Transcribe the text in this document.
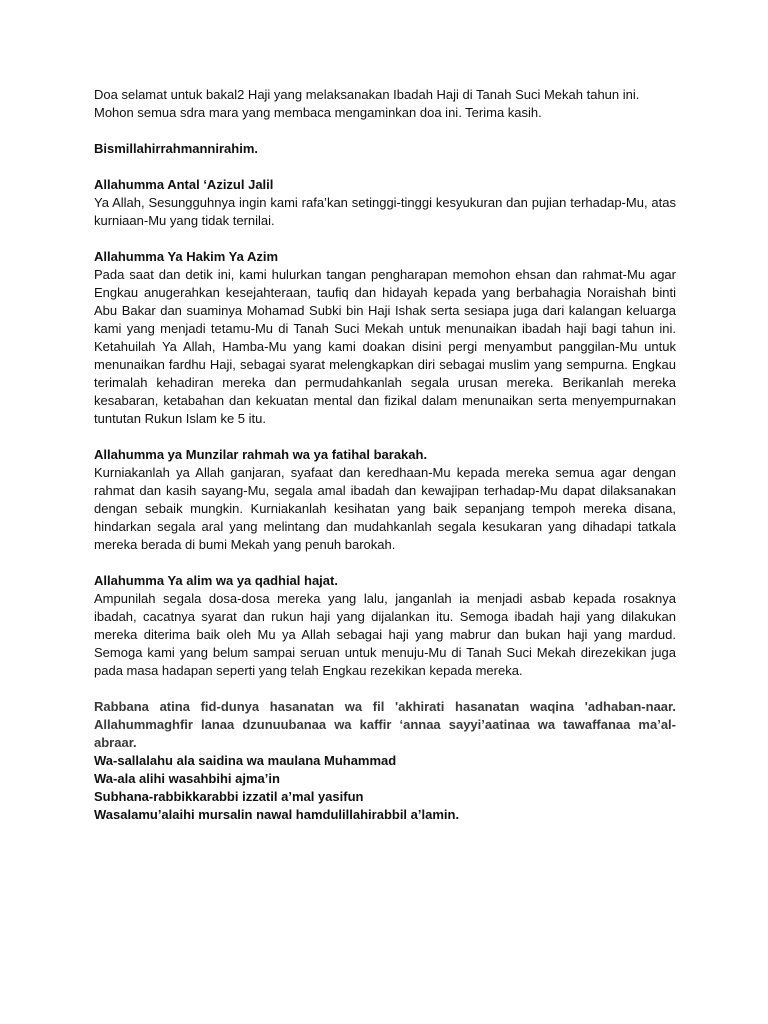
Doa selamat untuk bakal2 Haji yang melaksanakan Ibadah Haji di Tanah Suci Mekah tahun ini.
Mohon semua sdra mara yang membaca mengaminkan doa ini. Terima kasih.

Bismillahirrahmannirahim.

Allahumma Antal ‘Azizul Jalil
Ya Allah, Sesungguhnya ingin kami rafa’kan setinggi-tinggi kesyukuran dan pujian terhadap-Mu, atas kurniaan-Mu yang tidak ternilai.
Allahumma Ya Hakim Ya Azim
Pada saat dan detik ini, kami hulurkan tangan pengharapan memohon ehsan dan rahmat-Mu agar Engkau anugerahkan kesejahteraan, taufiq dan hidayah kepada yang berbahagia Noraishah binti Abu Bakar dan suaminya Mohamad Subki bin Haji Ishak serta sesiapa juga dari kalangan keluarga kami yang menjadi tetamu-Mu di Tanah Suci Mekah untuk menunaikan ibadah haji bagi tahun ini. Ketahuilah Ya Allah, Hamba-Mu yang kami doakan disini pergi menyambut panggilan-Mu untuk menunaikan fardhu Haji, sebagai syarat melengkapkan diri sebagai muslim yang sempurna. Engkau terimalah kehadiran mereka dan permudahkanlah segala urusan mereka. Berikanlah mereka kesabaran, ketabahan dan kekuatan mental dan fizikal dalam menunaikan serta menyempurnakan tuntutan Rukun Islam ke 5 itu.
Allahumma ya Munzilar rahmah wa ya fatihal barakah.
Kurniakanlah ya Allah ganjaran, syafaat dan keredhaan-Mu kepada mereka semua agar dengan rahmat dan kasih sayang-Mu, segala amal ibadah dan kewajipan terhadap-Mu dapat dilaksanakan dengan sebaik mungkin. Kurniakanlah kesihatan yang baik sepanjang tempoh mereka disana, hindarkan segala aral yang melintang dan mudahkanlah segala kesukaran yang dihadapi tatkala mereka berada di bumi Mekah yang penuh barokah.
Allahumma Ya alim wa ya qadhial hajat.
Ampunilah segala dosa-dosa mereka yang lalu, janganlah ia menjadi asbab kepada rosaknya ibadah, cacatnya syarat dan rukun haji yang dijalankan itu. Semoga ibadah haji yang dilakukan mereka diterima baik oleh Mu ya Allah sebagai haji yang mabrur dan bukan haji yang mardud. Semoga kami yang belum sampai seruan untuk menuju-Mu di Tanah Suci Mekah direzekikan juga pada masa hadapan seperti yang telah Engkau rezekikan kepada mereka.
Rabbana atina fid-dunya hasanatan wa fil 'akhirati hasanatan waqina 'adhaban-naar. Allahummaghfir lanaa dzunuubanaa wa kaffir ‘annaa sayyi’aatinaa wa tawaffanaa ma’al-abraar.
Wa-sallalahu ala saidina wa maulana Muhammad
Wa-ala alihi wasahbihi ajma’in
Subhana-rabbikkarabbi izzatil a’mal yasifun
Wasalamu’alaihi mursalin nawal hamdulillahirabbil a’lamin.
